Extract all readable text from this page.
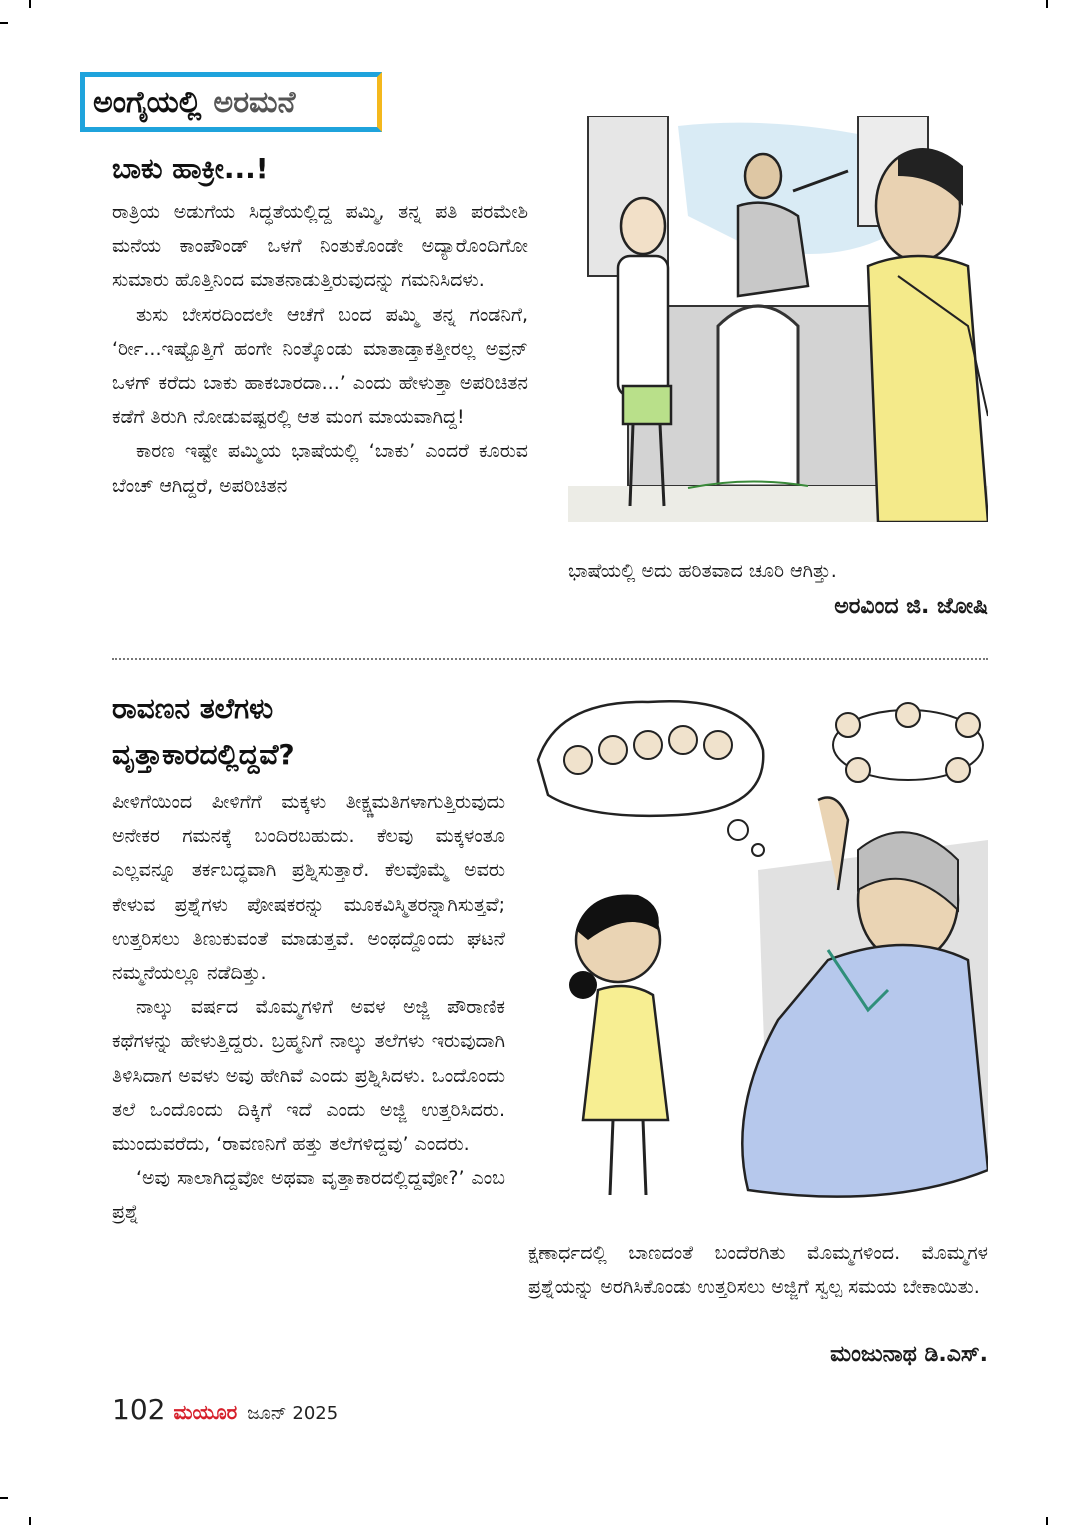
ಅಂಗೈಯಲ್ಲಿ ಅರಮನೆ
ಬಾಕು ಹಾಕ್ರೀ...!

ರಾತ್ರಿಯ ಅಡುಗೆಯ ಸಿದ್ಧತೆಯಲ್ಲಿದ್ದ ಪಮ್ಮಿ, ತನ್ನ ಪತಿ ಪರಮೇಶಿ ಮನೆಯ ಕಾಂಪೌಂಡ್ ಒಳಗೆ ನಿಂತುಕೊಂಡೇ ಅದ್ಯಾರೊಂದಿಗೋ ಸುಮಾರು ಹೊತ್ತಿನಿಂದ ಮಾತನಾಡುತ್ತಿರುವುದನ್ನು ಗಮನಿಸಿದಳು.

ತುಸು ಬೇಸರದಿಂದಲೇ ಆಚೆಗೆ ಬಂದ ಪಮ್ಮಿ ತನ್ನ ಗಂಡನಿಗೆ, ‘ರ್ರೀ...ಇಷ್ಟೊತ್ತಿಗೆ ಹಂಗೇ ನಿಂತ್ಕೊಂಡು ಮಾತಾಡ್ತಾಕತ್ತೀರಲ್ಲ ಅವ್ರನ್ ಒಳಗ್ ಕರೆದು ಬಾಕು ಹಾಕಬಾರದಾ...’ ಎಂದು ಹೇಳುತ್ತಾ ಅಪರಿಚಿತನ ಕಡೆಗೆ ತಿರುಗಿ ನೋಡುವಷ್ಟರಲ್ಲಿ ಆತ ಮಂಗ ಮಾಯವಾಗಿದ್ದ!

ಕಾರಣ ಇಷ್ಟೇ ಪಮ್ಮಿಯ ಭಾಷೆಯಲ್ಲಿ ‘ಬಾಕು’ ಎಂದರೆ ಕೂರುವ ಬೆಂಚ್ ಆಗಿದ್ದರೆ, ಅಪರಿಚಿತನ

ಭಾಷೆಯಲ್ಲಿ ಅದು ಹರಿತವಾದ ಚೂರಿ ಆಗಿತ್ತು.
ಅರವಿಂದ ಜಿ. ಜೋಷಿ
ರಾವಣನ ತಲೆಗಳು
ವೃತ್ತಾಕಾರದಲ್ಲಿದ್ದವೆ?

ಪೀಳಿಗೆಯಿಂದ ಪೀಳಿಗೆಗೆ ಮಕ್ಕಳು ತೀಕ್ಷ್ಣಮತಿಗಳಾಗುತ್ತಿರುವುದು ಅನೇಕರ ಗಮನಕ್ಕೆ ಬಂದಿರಬಹುದು. ಕೆಲವು ಮಕ್ಕಳಂತೂ ಎಲ್ಲವನ್ನೂ ತರ್ಕಬದ್ಧವಾಗಿ ಪ್ರಶ್ನಿಸುತ್ತಾರೆ. ಕೆಲವೊಮ್ಮೆ ಅವರು ಕೇಳುವ ಪ್ರಶ್ನೆಗಳು ಪೋಷಕರನ್ನು ಮೂಕವಿಸ್ಮಿತರನ್ನಾಗಿಸುತ್ತವೆ; ಉತ್ತರಿಸಲು ತಿಣುಕುವಂತೆ ಮಾಡುತ್ತವೆ. ಅಂಥದ್ದೊಂದು ಘಟನೆ ನಮ್ಮನೆಯಲ್ಲೂ ನಡೆದಿತ್ತು.

ನಾಲ್ಕು ವರ್ಷದ ಮೊಮ್ಮಗಳಿಗೆ ಅವಳ ಅಜ್ಜಿ ಪೌರಾಣಿಕ ಕಥೆಗಳನ್ನು ಹೇಳುತ್ತಿದ್ದರು. ಬ್ರಹ್ಮನಿಗೆ ನಾಲ್ಕು ತಲೆಗಳು ಇರುವುದಾಗಿ ತಿಳಿಸಿದಾಗ ಅವಳು ಅವು ಹೇಗಿವೆ ಎಂದು ಪ್ರಶ್ನಿಸಿದಳು. ಒಂದೊಂದು ತಲೆ ಒಂದೊಂದು ದಿಕ್ಕಿಗೆ ಇದೆ ಎಂದು ಅಜ್ಜಿ ಉತ್ತರಿಸಿದರು. ಮುಂದುವರೆದು, ‘ರಾವಣನಿಗೆ ಹತ್ತು ತಲೆಗಳಿದ್ದವು’ ಎಂದರು.

‘ಅವು ಸಾಲಾಗಿದ್ದವೋ ಅಥವಾ ವೃತ್ತಾಕಾರದಲ್ಲಿದ್ದವೋ?’ ಎಂಬ ಪ್ರಶ್ನೆ

ಕ್ಷಣಾರ್ಧದಲ್ಲಿ ಬಾಣದಂತೆ ಬಂದೆರಗಿತು ಮೊಮ್ಮಗಳಿಂದ. ಮೊಮ್ಮಗಳ ಪ್ರಶ್ನೆಯನ್ನು ಅರಗಿಸಿಕೊಂಡು ಉತ್ತರಿಸಲು ಅಜ್ಜಿಗೆ ಸ್ವಲ್ಪ ಸಮಯ ಬೇಕಾಯಿತು.
ಮಂಜುನಾಥ ಡಿ.ಎಸ್.
102 ಮಯೂರ ಜೂನ್ 2025
